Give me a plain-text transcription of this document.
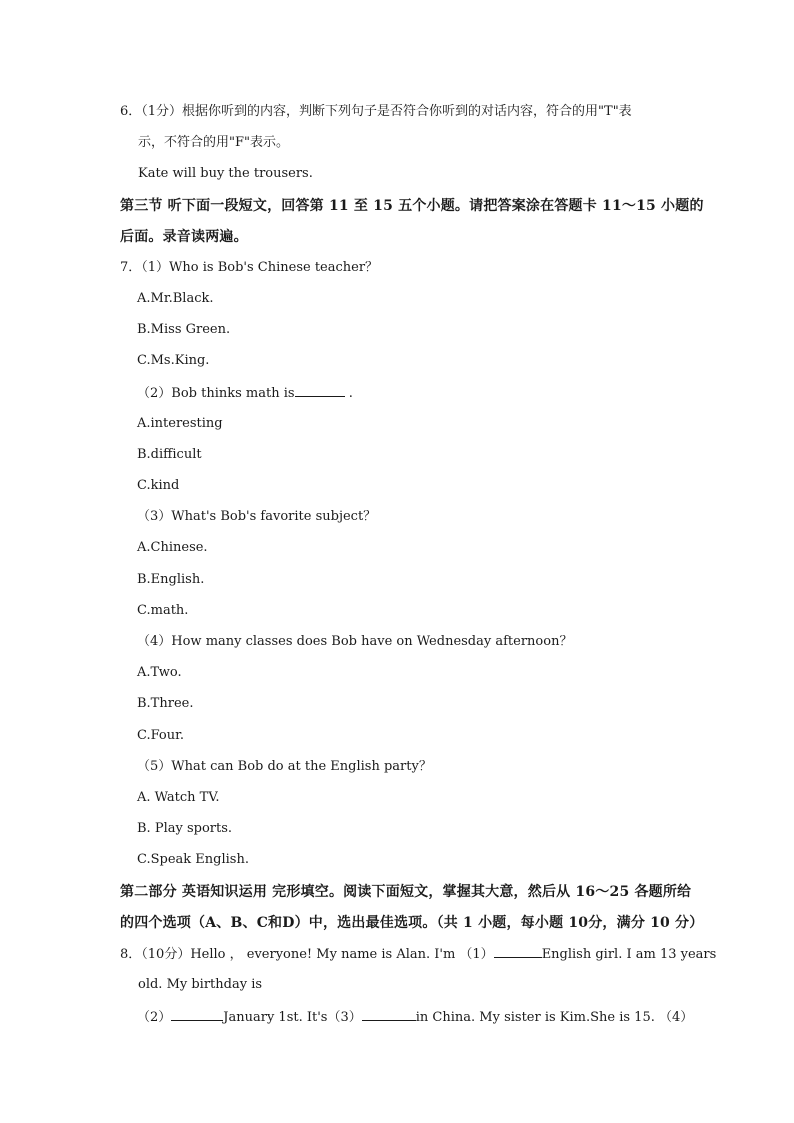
6．（1分）根据你听到的内容，判断下列句子是否符合你听到的对话内容，符合的用"T"表
示，不符合的用"F"表示。
Kate will buy the trousers.
第三节 听下面一段短文，回答第 11 至 15 五个小题。请把答案涂在答题卡 11～15 小题的
后面。录音读两遍。
7．（1）Who is Bob's Chinese teacher？
A.Mr.Black.
B.Miss Green.
C.Ms.King.
（2）Bob thinks math is	.
A.interesting
B.difficult
C.kind
（3）What's Bob's favorite subject？
A.Chinese.
B.English.
C.math.
（4）How many classes does Bob have on Wednesday afternoon？
A.Two.
B.Three.
C.Four.
（5）What can Bob do at the English party？
A. Watch TV.
B. Play sports.
C.Speak English.
第二部分 英语知识运用 完形填空。阅读下面短文，掌握其大意，然后从 16～25 各题所给
的四个选项（A、B、C和D）中，选出最佳选项。（共 1 小题，每小题 10分，满分 10 分）
8．（10分）Hello ， everyone! My name is Alan. I'm （1）	English girl. I am 13 years
old. My birthday is
（2）	January 1st. It's（3）	in China. My sister is Kim.She is 15. （4）
